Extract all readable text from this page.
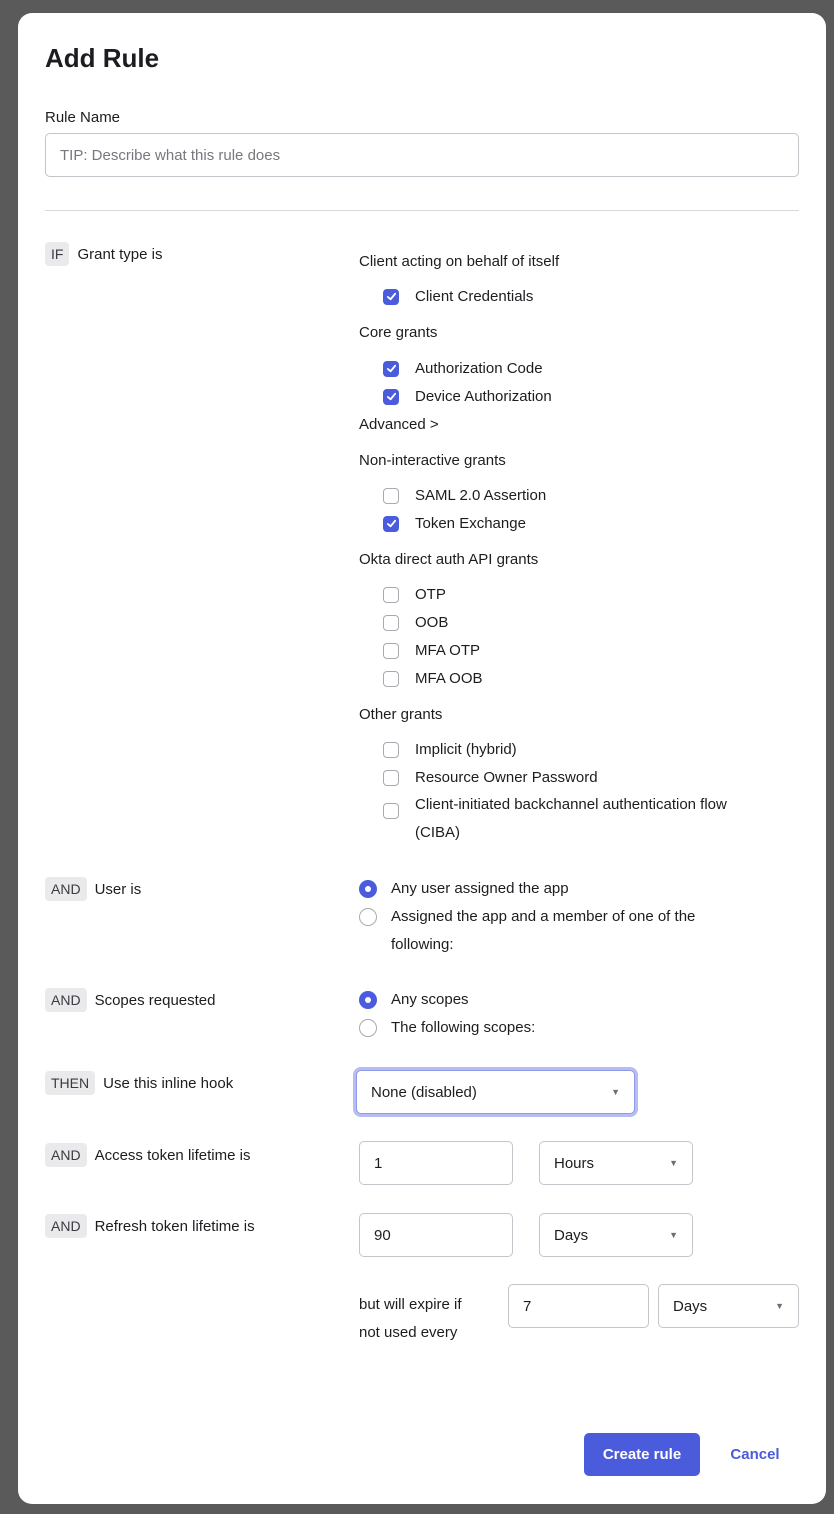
Add Rule
Rule Name
TIP: Describe what this rule does
IF Grant type is	Client acting on behalf of itself
Client Credentials
Core grants
Authorization Code
Device Authorization
Advanced >
Non-interactive grants
SAML 2.0 Assertion
Token Exchange
Okta direct auth API grants
OTP
OOB
MFA OTP
MFA OOB
Other grants
Implicit (hybrid)
Resource Owner Password
Client-initiated backchannel authentication flow
(CIBA)
AND User is	Any user assigned the app
Assigned the app and a member of one of the
following:
AND Scopes requested	Any scopes
The following scopes:
THEN Use this inline hook
None (disabled)	▼
AND Access token lifetime is
1	Hours	▼
AND Refresh token lifetime is
90
Days	▼
but will expire if
not used every
7
Days	▼
Create rule	Cancel
